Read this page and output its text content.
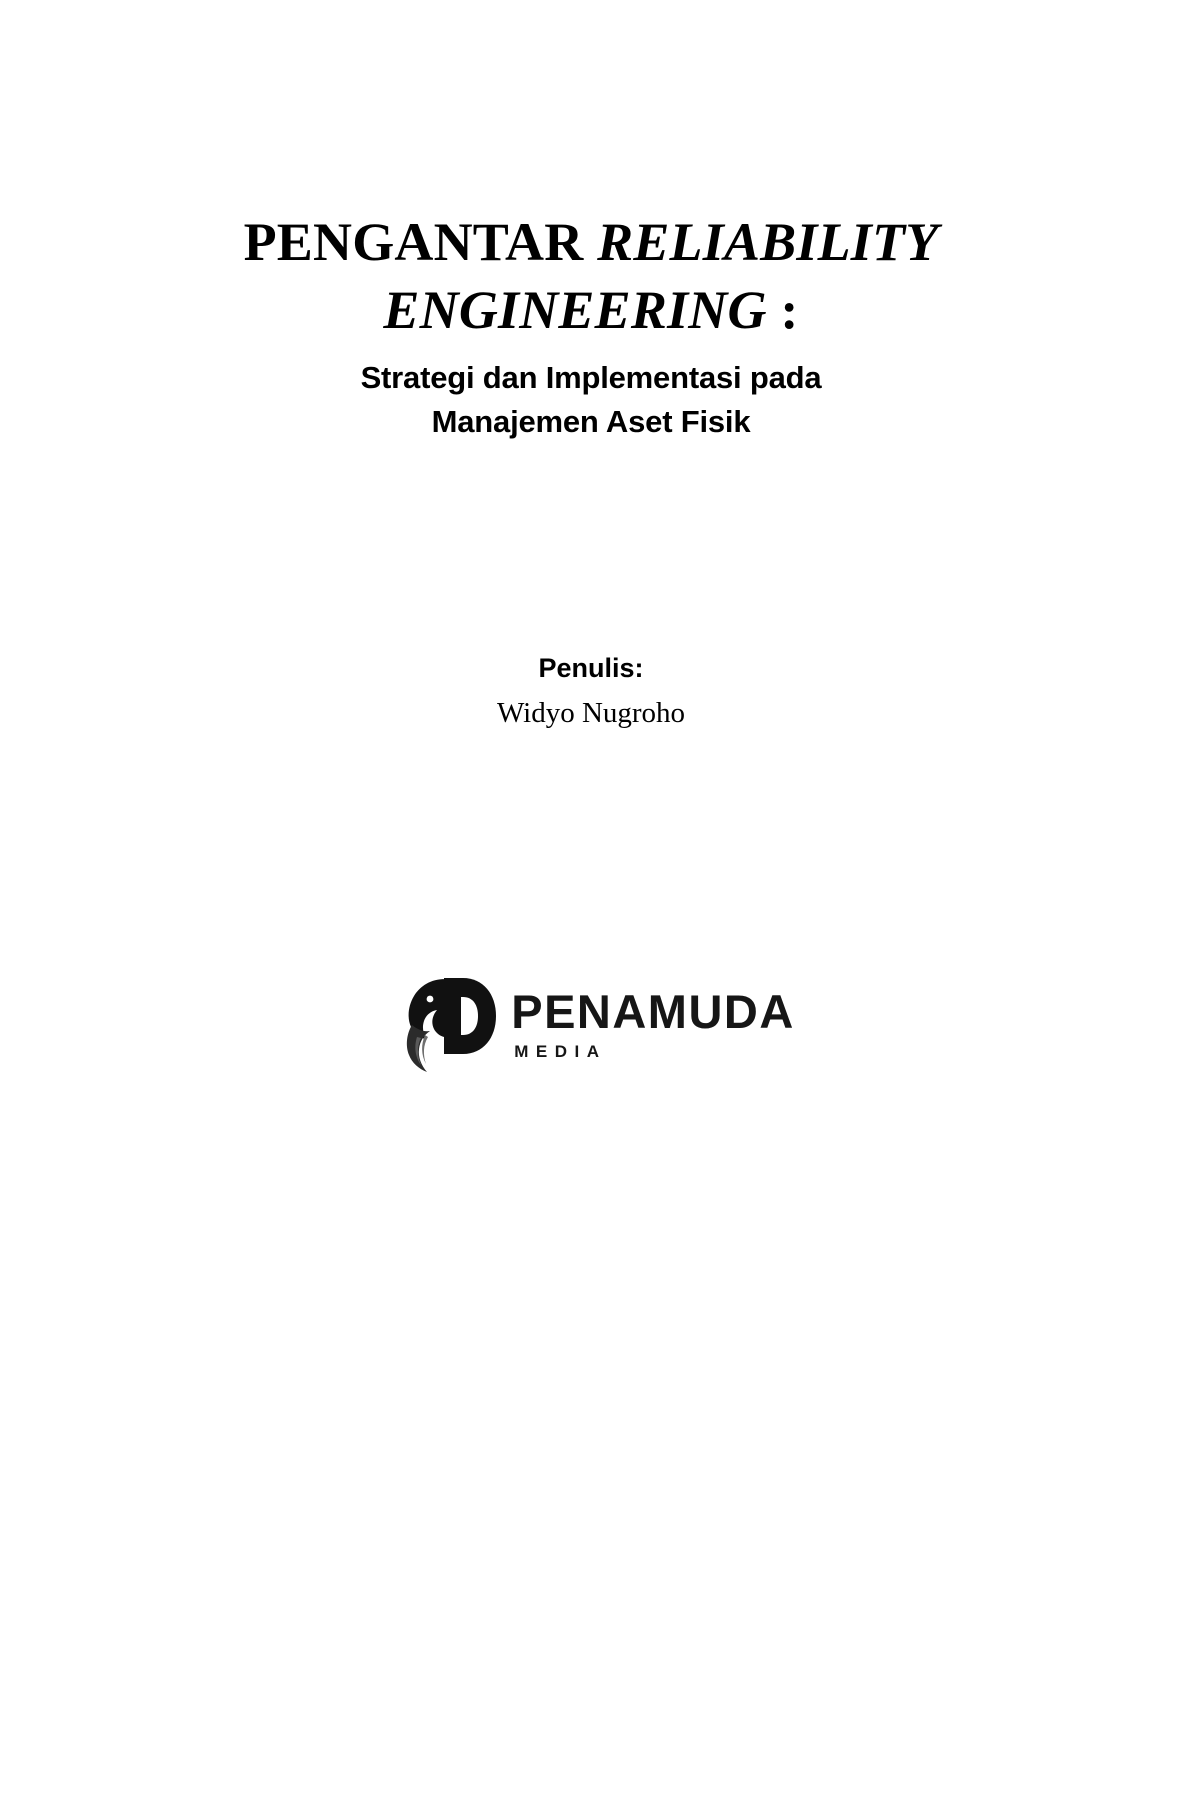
PENGANTAR RELIABILITY
ENGINEERING :
Strategi dan Implementasi pada
Manajemen Aset Fisik
Penulis:
Widyo Nugroho
PENAMUDA
MEDIA
